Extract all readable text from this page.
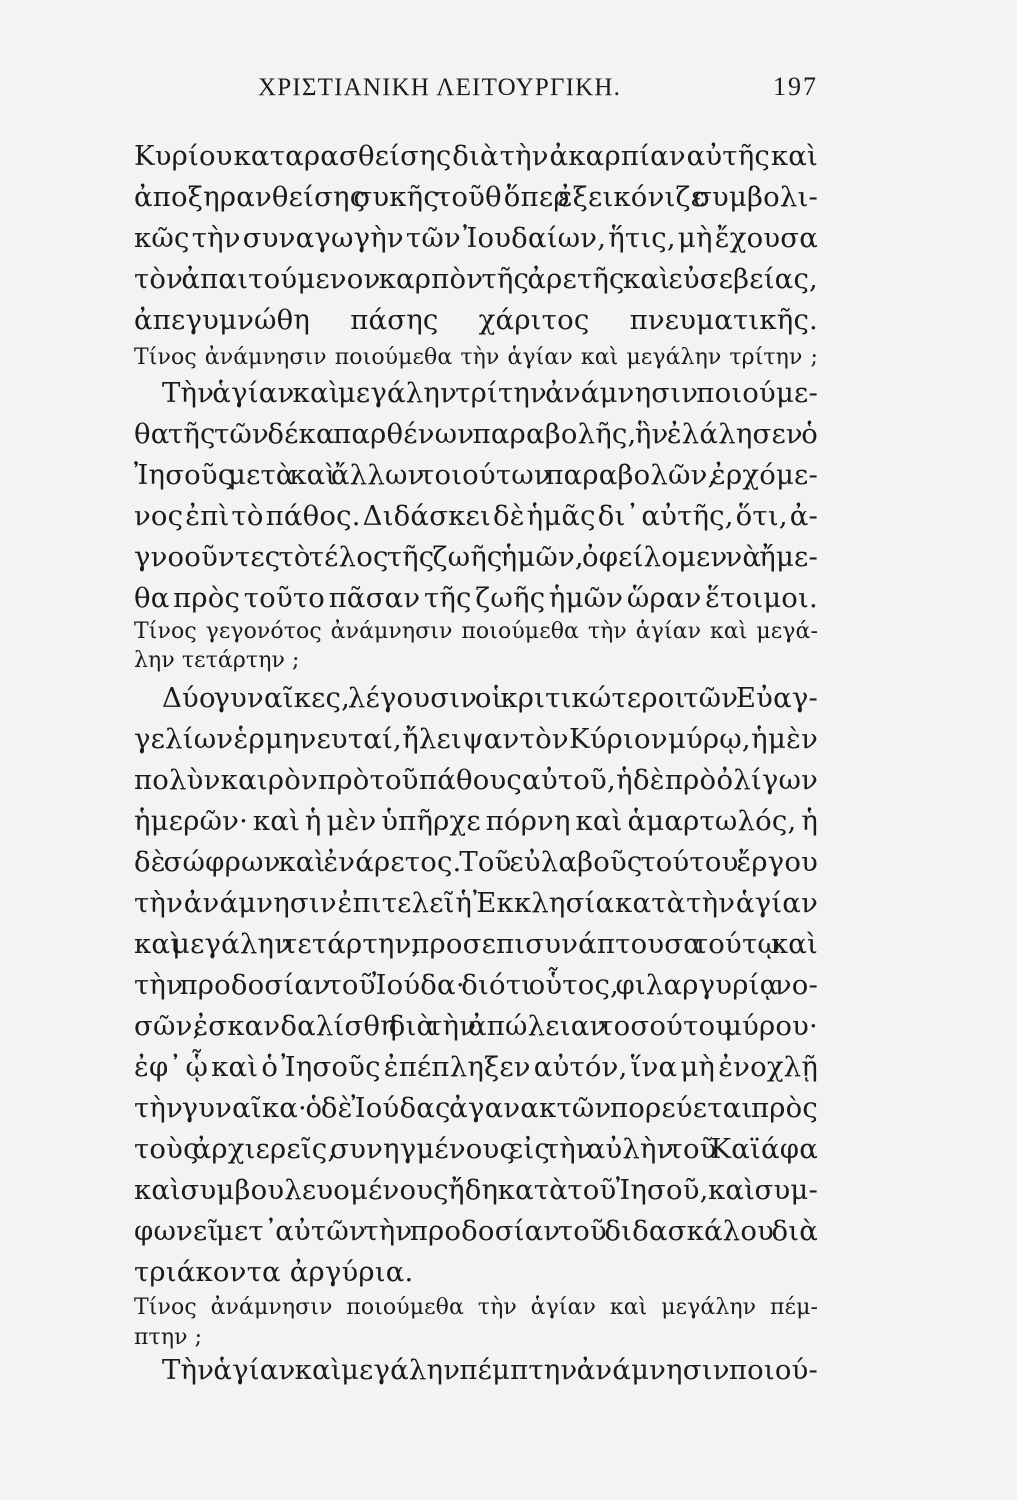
ΧΡΙΣΤΙΑΝΙΚΗ ΛΕΙΤΟΥΡΓΙΚΗ.	197
Κυρίου καταρασθείσης διὰ τὴν ἀκαρπίαν αὐτῆς καὶ
ἀποξηρανθείσης συκῆς· τοῦθ᾽ ὅπερ ἐξεικόνιζε συμβολι-
κῶς τὴν συναγωγὴν τῶν Ἰουδαίων, ἥτις, μὴ ἔχουσα
τὸν ἀπαιτούμενον καρπὸν τῆς ἀρετῆς καὶ εὐσεβείας,
ἀπεγυμνώθη πάσης χάριτος πνευματικῆς.
Τίνος ἀνάμνησιν ποιούμεθα τὴν ἁγίαν καὶ μεγάλην τρίτην ;
Τὴν ἁγίαν καὶ μεγάλην τρίτην ἀνάμνησιν ποιούμε-
θα τῆς τῶν δέκα παρθένων παραβολῆς, ἣν ἐλάλησεν ὁ
Ἰησοῦς μετὰ καὶ ἄλλων τοιούτων παραβολῶν, ἐρχόμε-
νος ἐπὶ τὸ πάθος. Διδάσκει δὲ ἡμᾶς δι᾽ αὐτῆς, ὅτι, ἀ-
γνοοῦντες τὸ τέλος τῆς ζωῆς ἡμῶν, ὀφείλομεν νὰ ἤμε-
θα πρὸς τοῦτο πᾶσαν τῆς ζωῆς ἡμῶν ὥραν ἕτοιμοι.
Τίνος γεγονότος ἀνάμνησιν ποιούμεθα τὴν ἁγίαν καὶ μεγά-
λην τετάρτην ;
Δύο γυναῖκες, λέγουσιν οἱ κριτικώτεροι τῶν Εὐαγ-
γελίων ἑρμηνευταί, ἤλειψαν τὸν Κύριον μύρῳ, ἡ μὲν
πολὺν καιρὸν πρὸ τοῦ πάθους αὐτοῦ, ἡ δὲ πρὸ ὀλίγων
ἡμερῶν· καὶ ἡ μὲν ὑπῆρχε πόρνη καὶ ἁμαρτωλός, ἡ
δὲ σώφρων καὶ ἐνάρετος. Τοῦ εὐλαβοῦς τούτου ἔργου
τὴν ἀνάμνησιν ἐπιτελεῖ ἡ Ἐκκλησία κατὰ τὴν ἁγίαν
καὶ μεγάλην τετάρτην, προσεπισυνάπτουσα τούτῳ καὶ
τὴν προδοσίαν τοῦ Ἰούδα· διότι οὗτος, φιλαργυρίᾳ νο-
σῶν, ἐσκανδαλίσθη διὰ τὴν ἀπώλειαν τοσούτου μύρου·
ἐφ᾽ ᾧ καὶ ὁ Ἰησοῦς ἐπέπληξεν αὐτόν, ἵνα μὴ ἐνοχλῇ
τὴν γυναῖκα· ὁ δὲ Ἰούδας ἀγανακτῶν πορεύεται πρὸς
τοὺς ἀρχιερεῖς, συνηγμένους εἰς τὴν αὐλὴν τοῦ Καϊάφα
καὶ συμβουλευομένους ἤδη κατὰ τοῦ Ἰησοῦ, καὶ συμ-
φωνεῖ μετ᾽ αὐτῶν τὴν προδοσίαν τοῦ διδασκάλου διὰ
τριάκοντα ἀργύρια.
Τίνος ἀνάμνησιν ποιούμεθα τὴν ἁγίαν καὶ μεγάλην πέμ-
πτην ;
Τὴν ἁγίαν καὶ μεγάλην πέμπτην ἀνάμνησιν ποιού-
